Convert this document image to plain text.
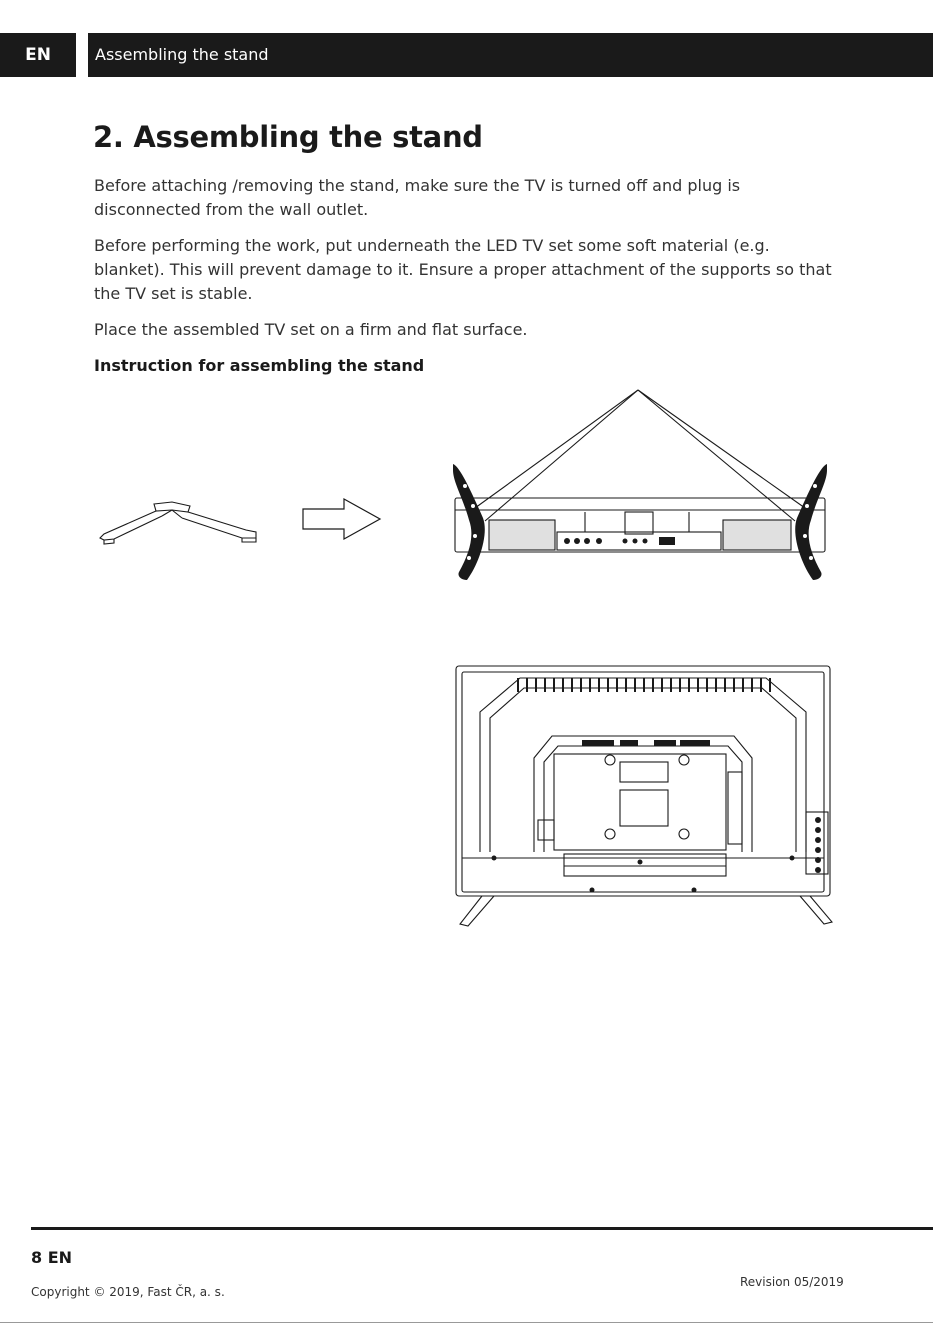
EN	Assembling the stand
2. Assembling the stand

Before attaching /removing the stand, make sure the TV is turned off and plug is disconnected from the wall outlet.

Before performing the work, put underneath the LED TV set some soft material (e.g. blanket). This will prevent damage to it. Ensure a proper attachment of the supports so that the TV set is stable.

Place the assembled TV set on a firm and flat surface.

Instruction for assembling the stand
8 EN
Copyright © 2019, Fast ČR, a. s.
Revision 05/2019
